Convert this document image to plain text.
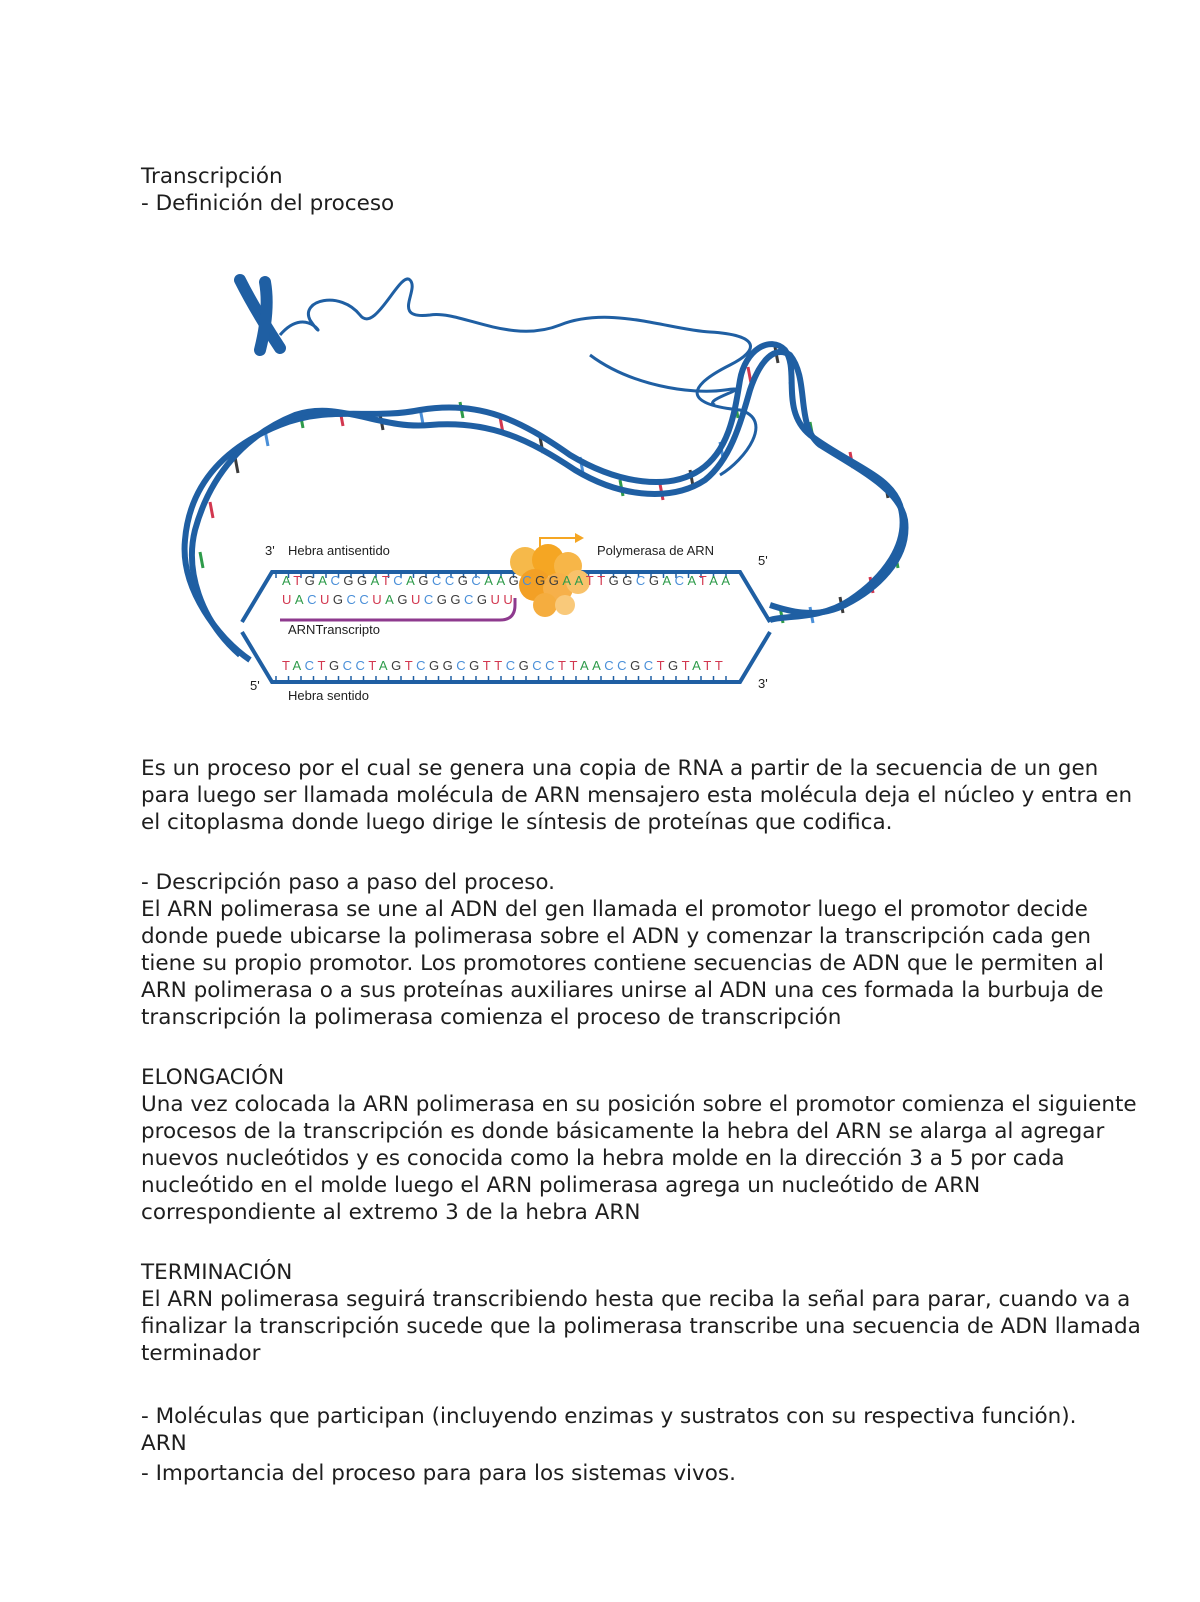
Transcripción

- Definición del proceso

3' Hebra antisentido	Polymerasa de ARN
5'
ATGACGGATCAGCCGCAAGCGGAATTGGCGACATAA
UACUGCCUAGUCGGCGUU
ARNTranscripto
TACTGCCTAGTCGGCGTTCGCCTTAACCGCTGTATT
5'	3'
Hebra sentido

Es un proceso por el cual se genera una copia de RNA a partir de la secuencia de un gen

para luego ser llamada molécula de ARN mensajero esta molécula deja el núcleo y entra en

el citoplasma donde luego dirige le síntesis de proteínas que codifica.

- Descripción paso a paso del proceso.

El ARN polimerasa se une al ADN del gen llamada el promotor luego el promotor decide

donde puede ubicarse la polimerasa sobre el ADN y comenzar la transcripción cada gen

tiene su propio promotor. Los promotores contiene secuencias de ADN que le permiten al

ARN polimerasa o a sus proteínas auxiliares unirse al ADN una ces formada la burbuja de

transcripción la polimerasa comienza el proceso de transcripción

ELONGACIÓN

Una vez colocada la ARN polimerasa en su posición sobre el promotor comienza el siguiente

procesos de la transcripción es donde básicamente la hebra del ARN se alarga al agregar

nuevos nucleótidos y es conocida como la hebra molde en la dirección 3 a 5 por cada

nucleótido en el molde luego el ARN polimerasa agrega un nucleótido de ARN

correspondiente al extremo 3 de la hebra ARN

TERMINACIÓN

El ARN polimerasa seguirá transcribiendo hesta que reciba la señal para parar, cuando va a

finalizar la transcripción sucede que la polimerasa transcribe una secuencia de ADN llamada

terminador

- Moléculas que participan (incluyendo enzimas y sustratos con su respectiva función).

ARN

- Importancia del proceso para para los sistemas vivos.
